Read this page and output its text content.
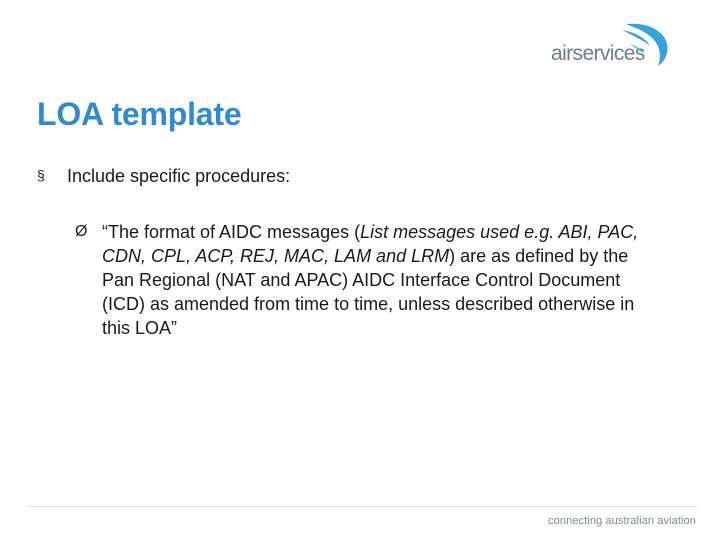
airservices
LOA template
§ Include specific procedures:
Ø “The format of AIDC messages (List messages used e.g. ABI, PAC, CDN, CPL, ACP, REJ, MAC, LAM and LRM) are as defined by the Pan Regional (NAT and APAC) AIDC Interface Control Document (ICD) as amended from time to time, unless described otherwise in this LOA”
connecting australian aviation
